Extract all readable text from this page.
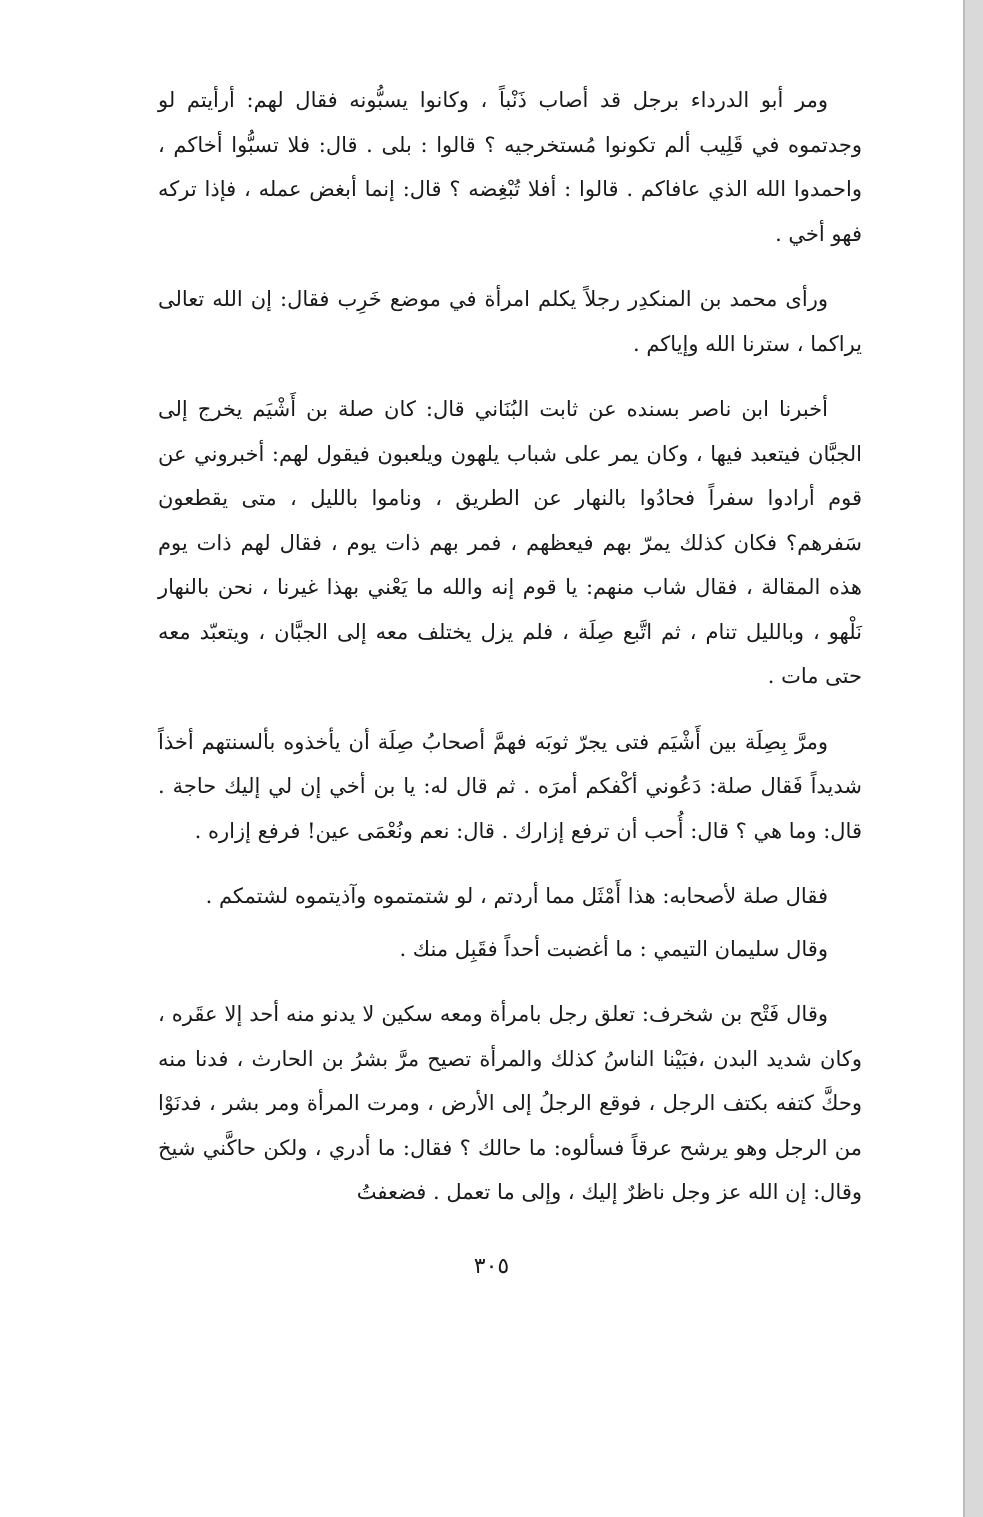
ومر أبو الدرداء برجل قد أصاب ذَنْباً ، وكانوا يسبُّونه فقال لهم: أرأيتم لو وجدتموه في قَلِيب ألم تكونوا مُستخرجيه ؟ قالوا : بلى . قال: فلا تسبُّوا أخاكم ، واحمدوا الله الذي عافاكم . قالوا : أفلا تُبْغِضه ؟ قال: إنما أبغض عمله ، فإذا تركه فهو أخي .

ورأى محمد بن المنكدِر رجلاً يكلم امرأة في موضع خَرِب فقال: إن الله تعالى يراكما ، سترنا الله وإياكم .

أخبرنا ابن ناصر بسنده عن ثابت البُنَاني قال: كان صلة بن أَشْيَم يخرج إلى الجبَّان فيتعبد فيها ، وكان يمر على شباب يلهون ويلعبون فيقول لهم: أخبروني عن قوم أرادوا سفراً فحادُوا بالنهار عن الطريق ، وناموا بالليل ، متى يقطعون سَفرهم؟ فكان كذلك يمرّ بهم فيعظهم ، فمر بهم ذات يوم ، فقال لهم ذات يوم هذه المقالة ، فقال شاب منهم: يا قوم إنه والله ما يَعْني بهذا غيرنا ، نحن بالنهار نَلْهو ، وبالليل تنام ، ثم اتَّبع صِلَة ، فلم يزل يختلف معه إلى الجبَّان ، ويتعبّد معه حتى مات .

ومرَّ بِصِلَة بين أَشْيَم فتى يجرّ ثوبَه فهمَّ أصحابُ صِلَة أن يأخذوه بألسنتهم أخذاً شديداً فَقال صلة: دَعُوني أكْفكم أمرَه . ثم قال له: يا بن أخي إن لي إليك حاجة . قال: وما هي ؟ قال: أُحب أن ترفع إزارك . قال: نعم ونُعْمَى عين! فرفع إزاره .

فقال صلة لأصحابه: هذا أَمْثَل مما أردتم ، لو شتمتموه وآذيتموه لشتمكم .

وقال سليمان التيمي : ما أغضبت أحداً فقَبِل منك .

وقال فَتْح بن شخرف: تعلق رجل بامرأة ومعه سكين لا يدنو منه أحد إلا عقَره ، وكان شديد البدن ،فبَيْنا الناسُ كذلك والمرأة تصيح مرَّ بشرُ بن الحارث ، فدنا منه وحكَّ كتفه بكتف الرجل ، فوقع الرجلُ إلى الأرض ، ومرت المرأة ومر بشر ، فدنَوْا من الرجل وهو يرشح عرقاً فسألوه: ما حالك ؟ فقال: ما أدري ، ولكن حاكَّني شيخ وقال: إن الله عز وجل ناظرٌ إليك ، وإلى ما تعمل . فضعفتُ

٣٠٥
